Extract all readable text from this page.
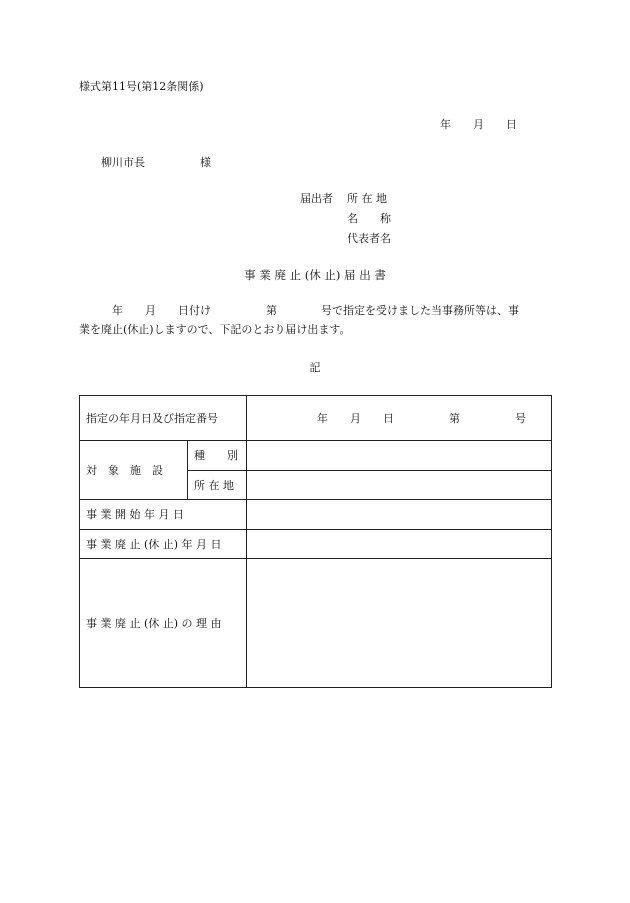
様式第11号(第12条関係)
年　　月　　日
柳川市長　　　　　様
届出者 所 在 地
名　　称
代表者名
事 業 廃 止 (休 止) 届 出 書
　　　年　　月　　日付け　　　　　第　　　　号で指定を受けました当事務所等は、事
業を廃止(休止)しますので、下記のとおり届け出ます。
記
指定の年月日及び指定番号	年　　月　　日　　　　　第　　　　　号
対　象　施　設
種　　別
所 在 地
事 業 開 始 年 月 日
事 業 廃 止 (休 止) 年 月 日
事 業 廃 止 (休 止) の 理 由
